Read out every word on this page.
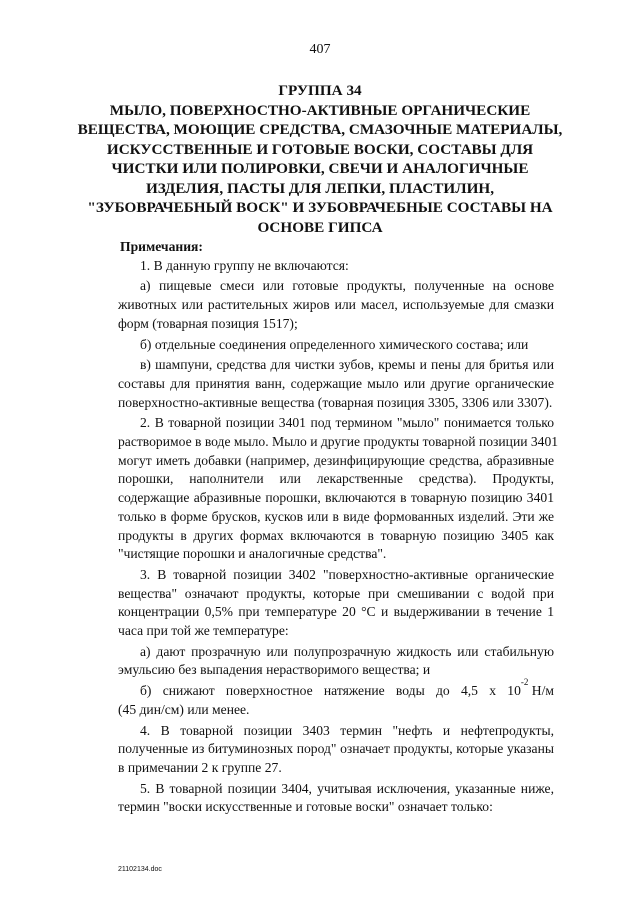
407
ГРУППА 34
МЫЛО, ПОВЕРХНОСТНО-АКТИВНЫЕ ОРГАНИЧЕСКИЕ
ВЕЩЕСТВА, МОЮЩИЕ СРЕДСТВА, СМАЗОЧНЫЕ МАТЕРИАЛЫ,
ИСКУССТВЕННЫЕ И ГОТОВЫЕ ВОСКИ, СОСТАВЫ ДЛЯ
ЧИСТКИ ИЛИ ПОЛИРОВКИ, СВЕЧИ И АНАЛОГИЧНЫЕ
ИЗДЕЛИЯ, ПАСТЫ ДЛЯ ЛЕПКИ, ПЛАСТИЛИН,
"ЗУБОВРАЧЕБНЫЙ ВОСК" И ЗУБОВРАЧЕБНЫЕ СОСТАВЫ НА
ОСНОВЕ ГИПСА
Примечания:
1. В данную группу не включаются:
а) пищевые смеси или готовые продукты, полученные на основе
животных или растительных жиров или масел, используемые для смазки
форм (товарная позиция 1517);
б) отдельные соединения определенного химического состава; или
в) шампуни, средства для чистки зубов, кремы и пены для бритья или
составы для принятия ванн, содержащие мыло или другие органические
поверхностно-активные вещества (товарная позиция 3305, 3306 или 3307).
2. В товарной позиции 3401 под термином "мыло" понимается только
растворимое в воде мыло. Мыло и другие продукты товарной позиции 3401
могут иметь добавки (например, дезинфицирующие средства, абразивные
порошки, наполнители или лекарственные средства). Продукты,
содержащие абразивные порошки, включаются в товарную позицию 3401
только в форме брусков, кусков или в виде формованных изделий. Эти же
продукты в других формах включаются в товарную позицию 3405 как
"чистящие порошки и аналогичные средства".
3. В товарной позиции 3402 "поверхностно-активные органические
вещества" означают продукты, которые при смешивании с водой при
концентрации 0,5% при температуре 20 °С и выдерживании в течение 1
часа при той же температуре:
а) дают прозрачную или полупрозрачную жидкость или стабильную
эмульсию без выпадения нерастворимого вещества; и
б) снижают поверхностное натяжение воды до 4,5 х 10
-2
Н/м
(45 дин/см) или менее.
4. В товарной позиции 3403 термин "нефть и нефтепродукты,
полученные из битуминозных пород" означает продукты, которые указаны
в примечании 2 к группе 27.
5. В товарной позиции 3404, учитывая исключения, указанные ниже,
термин "воски искусственные и готовые воски" означает только:
21102134.doc
